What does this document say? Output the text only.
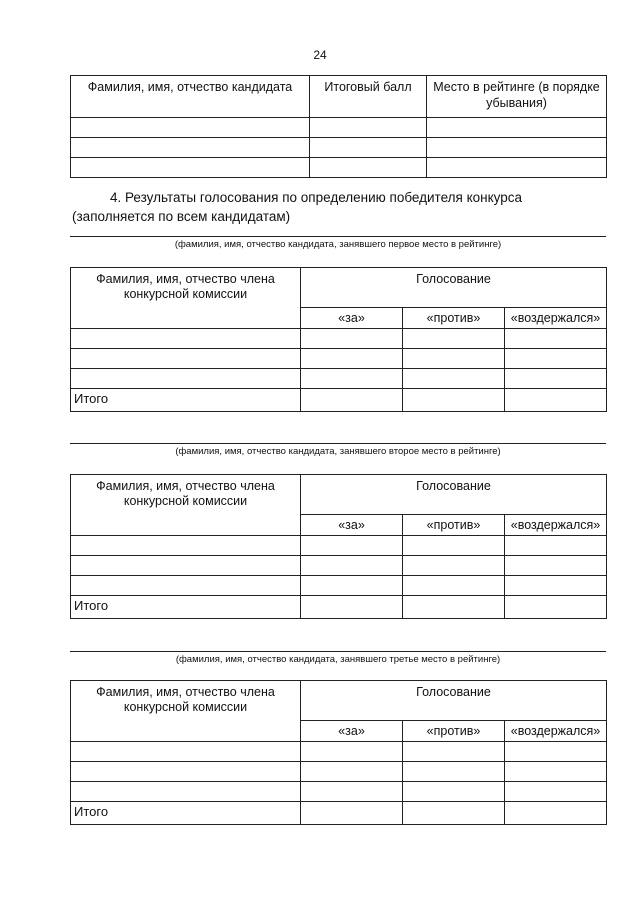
24
Фамилия, имя, отчество кандидата	Итоговый балл	Место в рейтинге (в порядке убывания)

4. Результаты голосования по определению победителя конкурса (заполняется по всем кандидатам)
(фамилия, имя, отчество кандидата, занявшего первое место в рейтинге)
Фамилия, имя, отчество члена конкурсной комиссии	Голосование		
	«за»	«против»	«воздержался»

Итого			
(фамилия, имя, отчество кандидата, занявшего второе место в рейтинге)
Фамилия, имя, отчество члена конкурсной комиссии	Голосование		
	«за»	«против»	«воздержался»

Итого			
(фамилия, имя, отчество кандидата, занявшего третье место в рейтинге)
Фамилия, имя, отчество члена конкурсной комиссии	Голосование		
	«за»	«против»	«воздержался»

Итого			
